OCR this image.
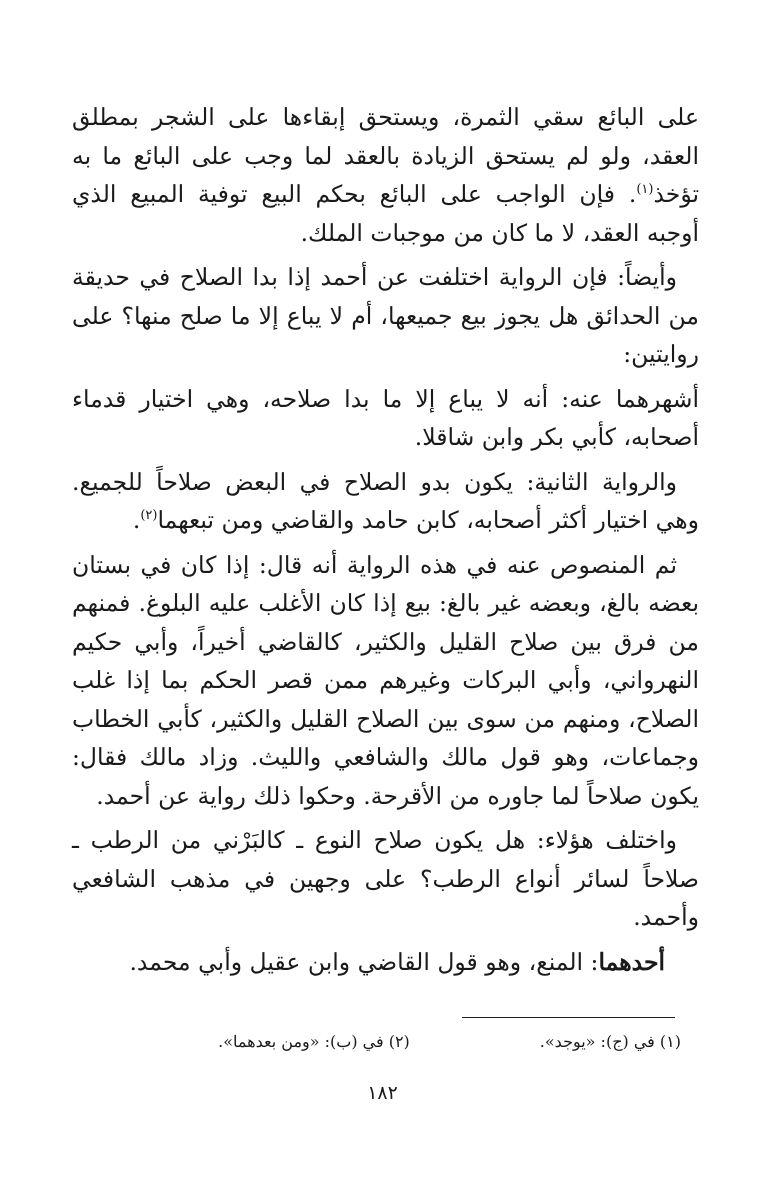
على البائع سقي الثمرة، ويستحق إبقاءها على الشجر بمطلق العقد، ولو لم يستحق الزيادة بالعقد لما وجب على البائع ما به تؤخذ$^{(١)}$. فإن الواجب على البائع بحكم البيع توفية المبيع الذي أوجبه العقد، لا ما كان من موجبات الملك.

وأيضاً: فإن الرواية اختلفت عن أحمد إذا بدا الصلاح في حديقة من الحدائق هل يجوز بيع جميعها، أم لا يباع إلا ما صلح منها؟ على روايتين:

أشهرهما عنه: أنه لا يباع إلا ما بدا صلاحه، وهي اختيار قدماء أصحابه، كأبي بكر وابن شاقلا.

والرواية الثانية: يكون بدو الصلاح في البعض صلاحاً للجميع. وهي اختيار أكثر أصحابه، كابن حامد والقاضي ومن تبعهما$^{(٢)}$.

ثم المنصوص عنه في هذه الرواية أنه قال: إذا كان في بستان بعضه بالغ، وبعضه غير بالغ: بيع إذا كان الأغلب عليه البلوغ. فمنهم من فرق بين صلاح القليل والكثير، كالقاضي أخيراً، وأبي حكيم النهرواني، وأبي البركات وغيرهم ممن قصر الحكم بما إذا غلب الصلاح، ومنهم من سوى بين الصلاح القليل والكثير، كأبي الخطاب وجماعات، وهو قول مالك والشافعي والليث. وزاد مالك فقال: يكون صلاحاً لما جاوره من الأقرحة. وحكوا ذلك رواية عن أحمد.

واختلف هؤلاء: هل يكون صلاح النوع ـ كالبَرْني من الرطب ـ صلاحاً لسائر أنواع الرطب؟ على وجهين في مذهب الشافعي وأحمد.

أحدهما: المنع، وهو قول القاضي وابن عقيل وأبي محمد.

(١) في (ج): «يوجد».
(٢) في (ب): «ومن بعدهما».
١٨٢
